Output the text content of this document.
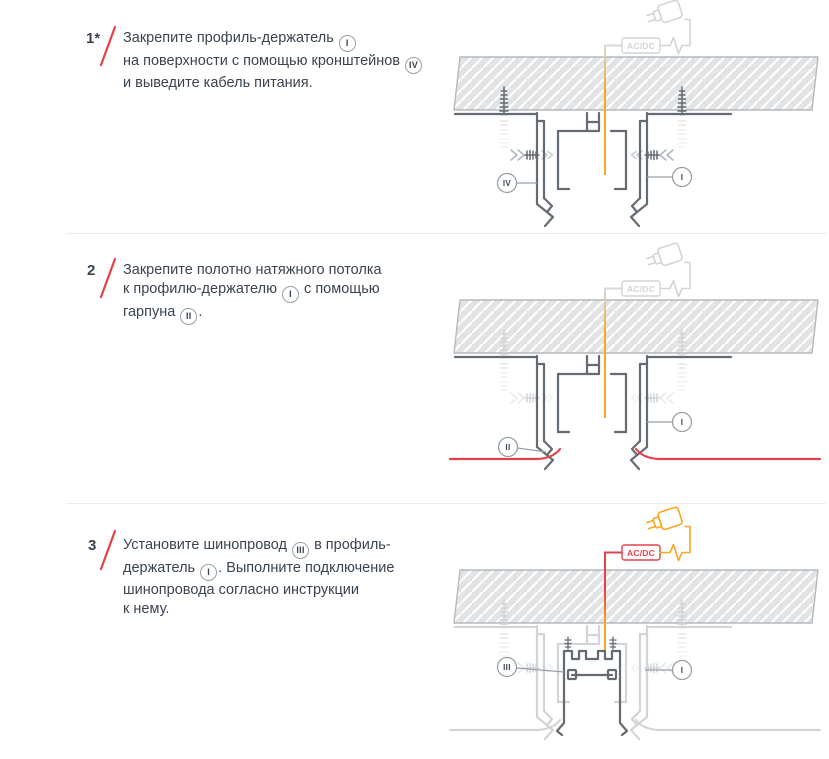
1* Закрепите профиль-держатель I
на поверхности с помощью кронштейнов IV
и выведите кабель питания.
AC/DC
IV
I
2 Закрепите полотно натяжного потолка
к профилю-держателю I с помощью
гарпуна II .
AC/DC
II
I
3 Установите шинопровод III в профиль-
держатель I . Выполните подключение
шинопровода согласно инструкции
к нему.
AC/DC
III	I
